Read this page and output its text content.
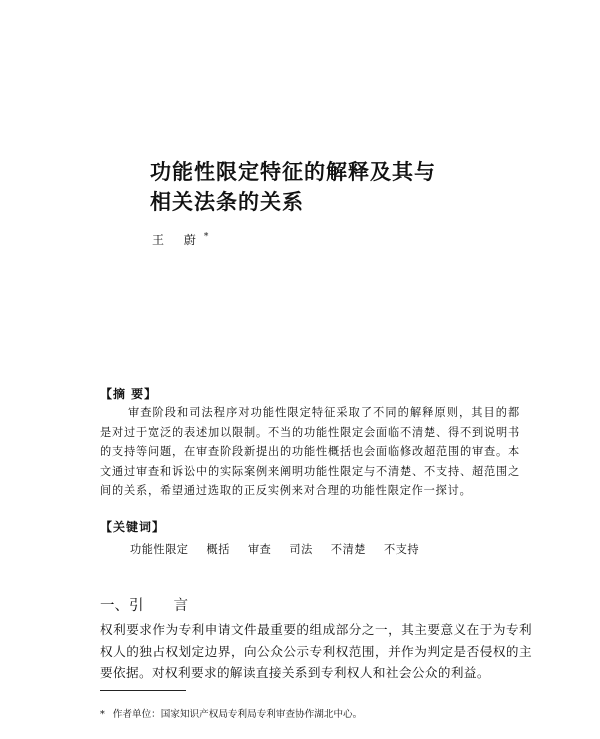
功能性限定特征的解释及其与
相关法条的关系
王 蔚*
【摘 要】

审查阶段和司法程序对功能性限定特征采取了不同的解释原则，其目的都是对过于宽泛的表述加以限制。不当的功能性限定会面临不清楚、得不到说明书的支持等问题，在审查阶段新提出的功能性概括也会面临修改超范围的审查。本文通过审查和诉讼中的实际案例来阐明功能性限定与不清楚、不支持、超范围之间的关系，希望通过选取的正反实例来对合理的功能性限定作一探讨。

【关键词】
功能性限定 概括 审查 司法 不清楚 不支持
一、引 言

权利要求作为专利申请文件最重要的组成部分之一，其主要意义在于为专利权人的独占权划定边界，向公众公示专利权范围，并作为判定是否侵权的主要依据。对权利要求的解读直接关系到专利权人和社会公众的利益。

* 作者单位：国家知识产权局专利局专利审查协作湖北中心。
